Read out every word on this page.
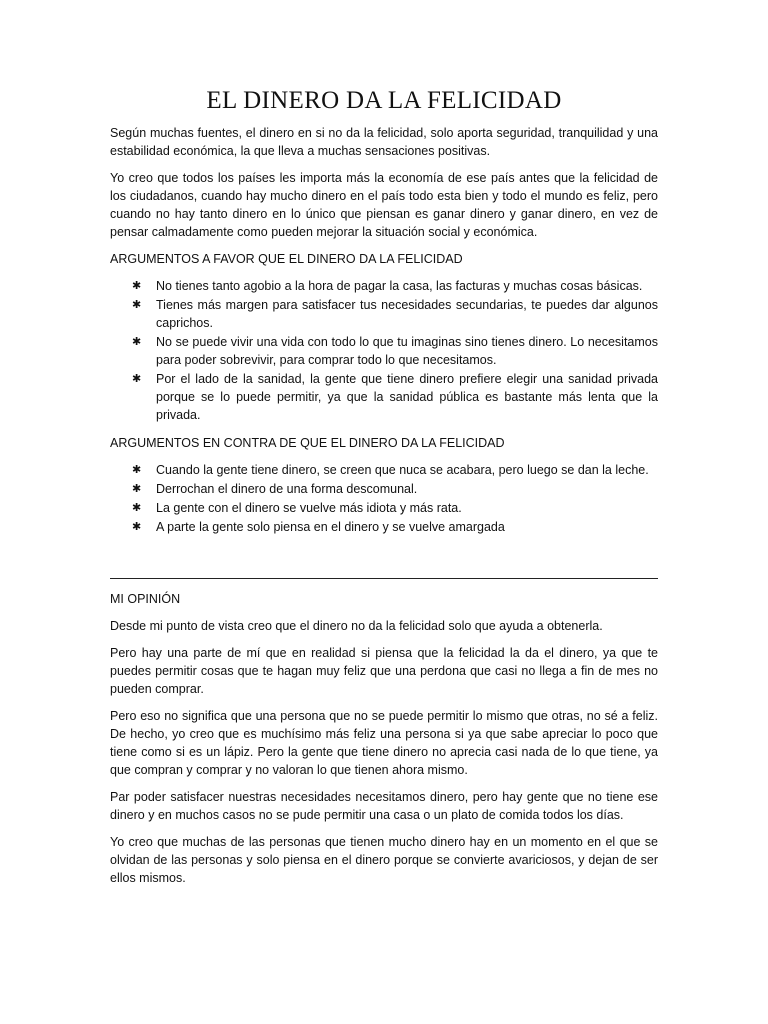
EL DINERO DA LA FELICIDAD

Según muchas fuentes, el dinero en si no da la felicidad, solo aporta seguridad, tranquilidad y una estabilidad económica, la que lleva a muchas sensaciones positivas.

Yo creo que todos los países les importa más la economía de ese país antes que la felicidad de los ciudadanos, cuando hay mucho dinero en el país todo esta bien y todo el mundo es feliz, pero cuando no hay tanto dinero en lo único que piensan es ganar dinero y ganar dinero, en vez de pensar calmadamente como pueden mejorar la situación social y económica.

ARGUMENTOS A FAVOR QUE EL DINERO DA LA FELICIDAD
✱ No tienes tanto agobio a la hora de pagar la casa, las facturas y muchas cosas básicas.
✱ Tienes más margen para satisfacer tus necesidades secundarias, te puedes dar algunos caprichos.
✱ No se puede vivir una vida con todo lo que tu imaginas sino tienes dinero. Lo necesitamos para poder sobrevivir, para comprar todo lo que necesitamos.
✱ Por el lado de la sanidad, la gente que tiene dinero prefiere elegir una sanidad privada porque se lo puede permitir, ya que la sanidad pública es bastante más lenta que la privada.
ARGUMENTOS EN CONTRA DE QUE EL DINERO DA LA FELICIDAD
✱ Cuando la gente tiene dinero, se creen que nuca se acabara, pero luego se dan la leche.
✱ Derrochan el dinero de una forma descomunal.
✱ La gente con el dinero se vuelve más idiota y más rata.
✱ A parte la gente solo piensa en el dinero y se vuelve amargada
MI OPINIÓN

Desde mi punto de vista creo que el dinero no da la felicidad solo que ayuda a obtenerla.

Pero hay una parte de mí que en realidad si piensa que la felicidad la da el dinero, ya que te puedes permitir cosas que te hagan muy feliz que una perdona que casi no llega a fin de mes no pueden comprar.

Pero eso no significa que una persona que no se puede permitir lo mismo que otras, no sé a feliz. De hecho, yo creo que es muchísimo más feliz una persona si ya que sabe apreciar lo poco que tiene como si es un lápiz. Pero la gente que tiene dinero no aprecia casi nada de lo que tiene, ya que compran y comprar y no valoran lo que tienen ahora mismo.

Par poder satisfacer nuestras necesidades necesitamos dinero, pero hay gente que no tiene ese dinero y en muchos casos no se pude permitir una casa o un plato de comida todos los días.

Yo creo que muchas de las personas que tienen mucho dinero hay en un momento en el que se olvidan de las personas y solo piensa en el dinero porque se convierte avariciosos, y dejan de ser ellos mismos.
